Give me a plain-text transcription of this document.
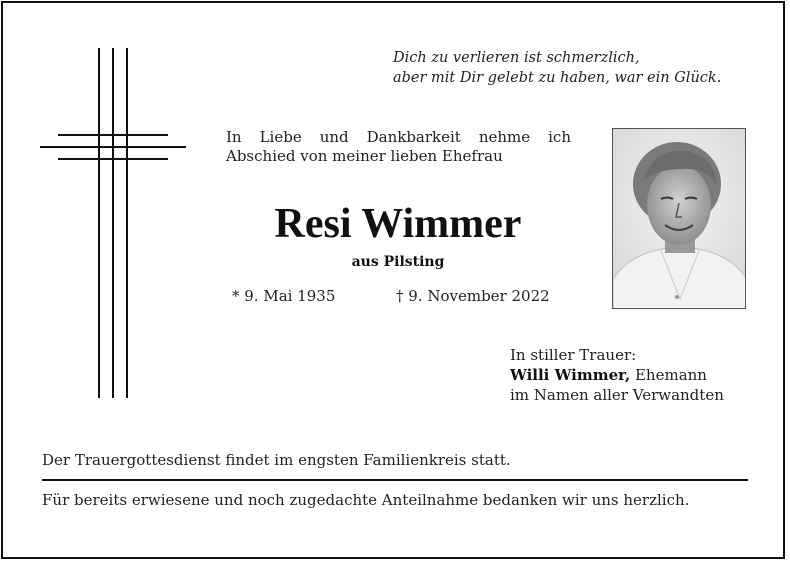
Dich zu verlieren ist schmerzlich,
aber mit Dir gelebt zu haben, war ein Glück.
In Liebe und Dankbarkeit nehme ich
Abschied von meiner lieben Ehefrau
Resi Wimmer
aus Pilsting
* 9. Mai 1935	† 9. November 2022
In stiller Trauer:
Willi Wimmer, Ehemann
im Namen aller Verwandten
Der Trauergottesdienst findet im engsten Familienkreis statt.
Für bereits erwiesene und noch zugedachte Anteilnahme bedanken wir uns herzlich.
